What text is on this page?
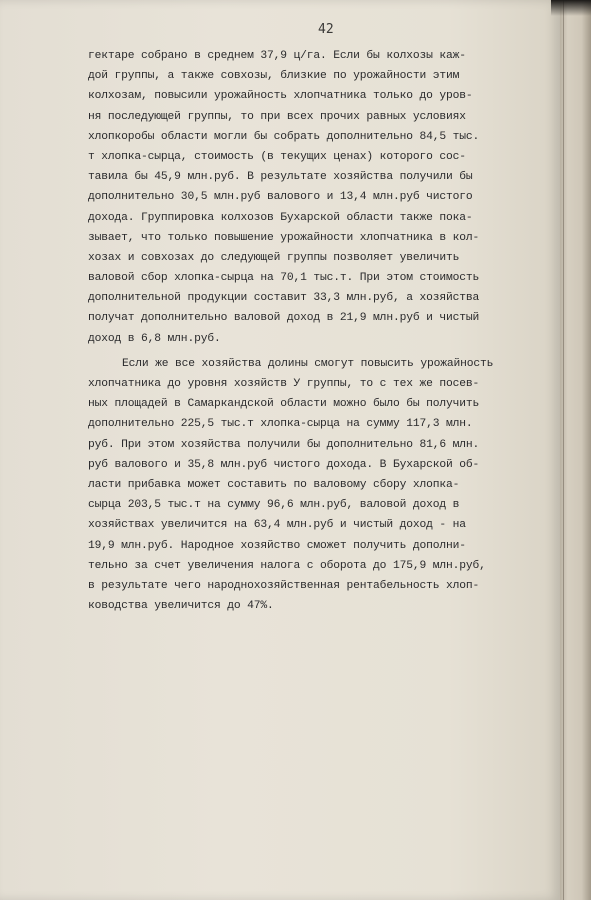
42
гектаре собрано в среднем 37,9 ц/га. Если бы колхозы каж-
дой группы, а также совхозы, близкие по урожайности этим
колхозам, повысили урожайность хлопчатника только до уров-
ня последующей группы, то при всех прочих равных условиях
хлопкоробы области могли бы собрать дополнительно 84,5 тыс.
т хлопка-сырца, стоимость (в текущих ценах) которого сос-
тавила бы 45,9 млн.руб. В результате хозяйства получили бы
дополнительно 30,5 млн.руб валового и 13,4 млн.руб чистого
дохода. Группировка колхозов Бухарской области также пока-
зывает, что только повышение урожайности хлопчатника в кол-
хозах и совхозах до следующей группы позволяет увеличить
валовой сбор хлопка-сырца на 70,1 тыс.т. При этом стоимость
дополнительной продукции составит 33,3 млн.руб, а хозяйства
получат дополнительно валовой доход в 21,9 млн.руб и чистый
доход в 6,8 млн.руб.
Если же все хозяйства долины смогут повысить урожайность
хлопчатника до уровня хозяйств У группы, то с тех же посев-
ных площадей в Самаркандской области можно было бы получить
дополнительно 225,5 тыс.т хлопка-сырца на сумму 117,3 млн.
руб. При этом хозяйства получили бы дополнительно 81,6 млн.
руб валового и 35,8 млн.руб чистого дохода. В Бухарской об-
ласти прибавка может составить по валовому сбору хлопка-
сырца 203,5 тыс.т на сумму 96,6 млн.руб, валовой доход в
хозяйствах увеличится на 63,4 млн.руб и чистый доход - на
19,9 млн.руб. Народное хозяйство сможет получить дополни-
тельно за счет увеличения налога с оборота до 175,9 млн.руб,
в результате чего народнохозяйственная рентабельность хлоп-
ководства увеличится до 47%.
